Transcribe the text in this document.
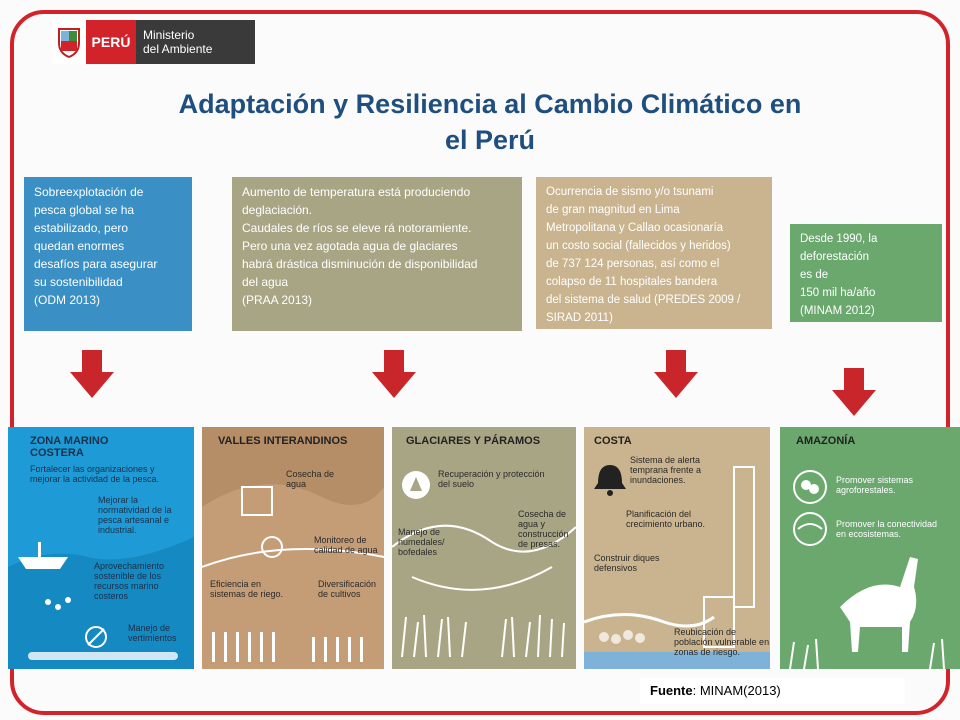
PERÚ	Ministerio
del Ambiente
Adaptación y Resiliencia al Cambio Climático en
el Perú
Sobreexplotación de
pesca global se ha
estabilizado, pero
quedan enormes
desafíos para asegurar
su sostenibilidad
(ODM 2013)
Aumento de temperatura está produciendo
deglaciación.
Caudales de ríos se eleve rá notoramiente.
Pero una vez agotada agua de glaciares
habrá drástica disminución de disponibilidad
del agua
(PRAA 2013)
Ocurrencia de sismo y/o tsunami
de gran magnitud en Lima
Metropolitana y Callao ocasionaría
un costo social (fallecidos y heridos)
de 737 124 personas, así como el
colapso de 11 hospitales bandera
del sistema de salud (PREDES 2009 /
SIRAD 2011)
Desde 1990, la
deforestación
es de
150 mil ha/año
(MINAM 2012)
ZONA MARINO COSTERA
Fortalecer las organizaciones y mejorar la actividad de la pesca.
Mejorar la normatividad de la pesca artesanal e industrial.
Aprovechamiento sostenible de los recursos marino costeros
Manejo de vertimientos
VALLES INTERANDINOS
Cosecha de agua
Monitoreo de calidad de agua
Eficiencia en sistemas de riego.
Diversificación de cultivos
GLACIARES Y PÁRAMOS
Recuperación y protección del suelo
Manejo de humedales/ bofedales
Cosecha de agua y construcción de presas.
COSTA
Sistema de alerta temprana frente a inundaciones.
Planificación del crecimiento urbano.
Construir diques defensivos
Reubicación de población vulnerable en zonas de riesgo.
AMAZONÍA
Promover sistemas agroforestales.
Promover la conectividad en ecosistemas.
Fuente: MINAM(2013)
